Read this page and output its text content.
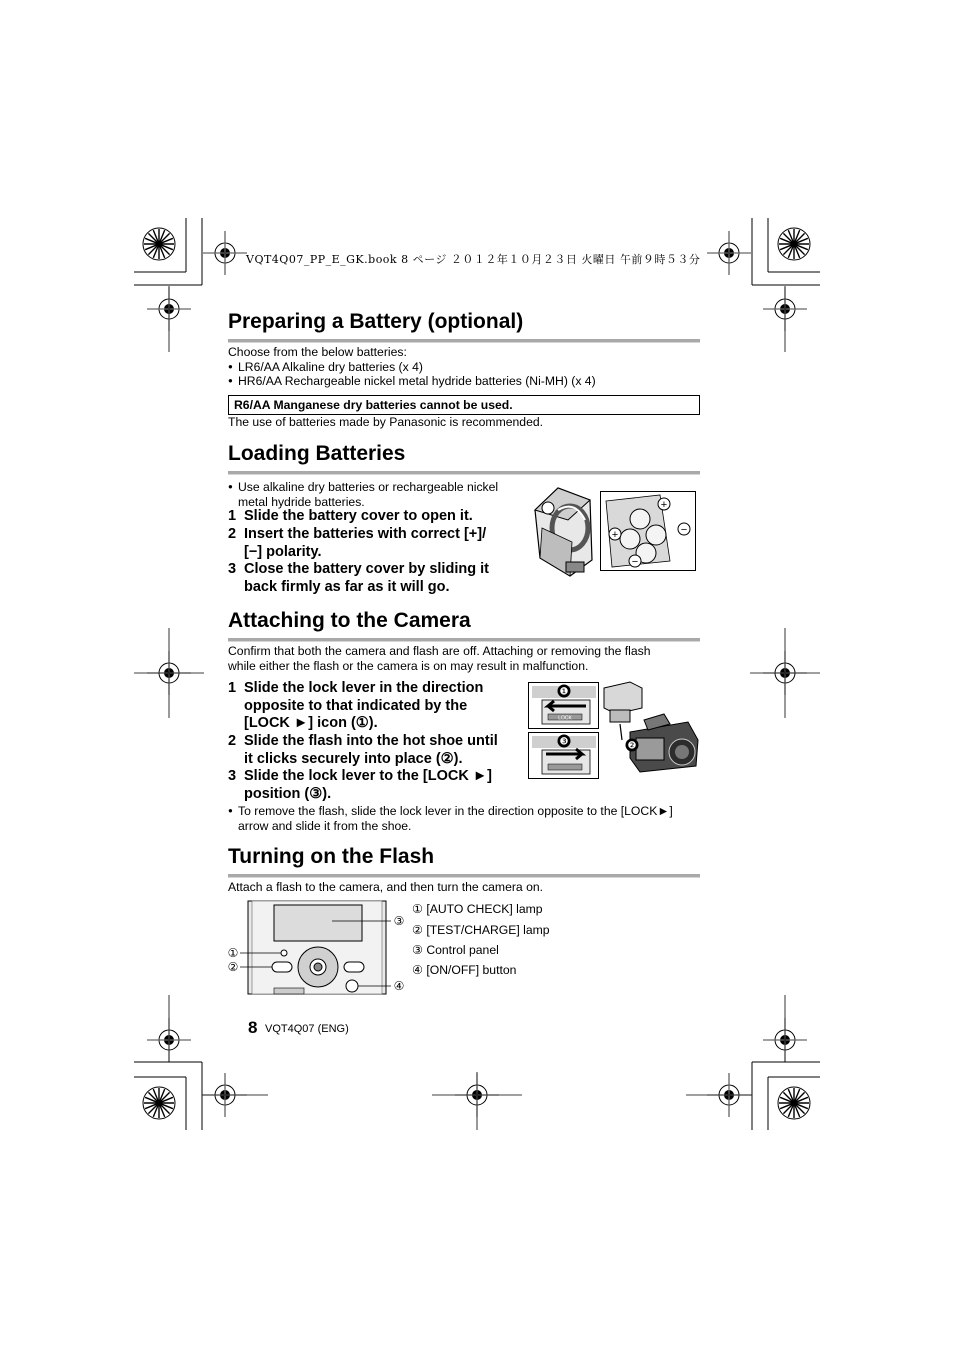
VQT4Q07_PP_E_GK.book 8 ページ ２０１２年１０月２３日 火曜日 午前９時５３分
Preparing a Battery (optional)
Choose from the below batteries:
● LR6/AA Alkaline dry batteries (x 4)
● HR6/AA Rechargeable nickel metal hydride batteries (Ni-MH) (x 4)
R6/AA Manganese dry batteries cannot be used.
The use of batteries made by Panasonic is recommended.
Loading Batteries
● Use alkaline dry batteries or rechargeable nickel
metal hydride batteries.
1 Slide the battery cover to open it.
2 Insert the batteries with correct [+]/
[−] polarity.
3 Close the battery cover by sliding it
back firmly as far as it will go.
+
−
+
−
Attaching to the Camera
Confirm that both the camera and flash are off. Attaching or removing the flash
while either the flash or the camera is on may result in malfunction.
1 Slide the lock lever in the direction
opposite to that indicated by the
[LOCK ►] icon (①).
2 Slide the flash into the hot shoe until
it clicks securely into place (②).
3 Slide the lock lever to the [LOCK ►]
position (③).
● To remove the flash, slide the lock lever in the direction opposite to the [LOCK►]
arrow and slide it from the shoe.
LOCK
❶
❸	❷
Turning on the Flash
Attach a flash to the camera, and then turn the camera on.
①
②
③
④
① [AUTO CHECK] lamp
② [TEST/CHARGE] lamp
③ Control panel
④ [ON/OFF] button
8 VQT4Q07 (ENG)
